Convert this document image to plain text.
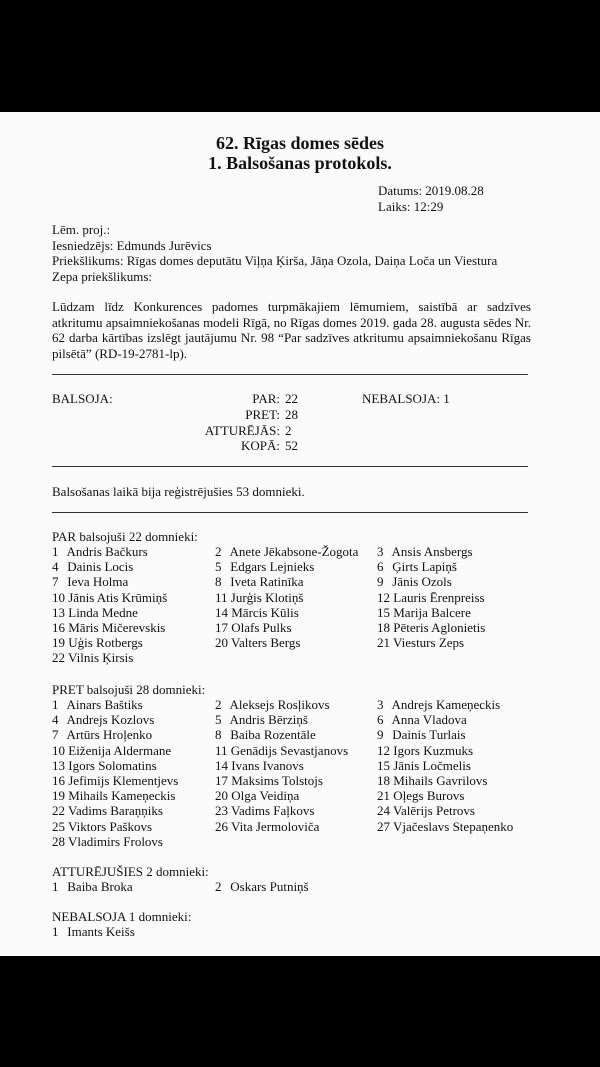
62. Rīgas domes sēdes
1. Balsošanas protokols.
Datums: 2019.08.28
Laiks: 12:29
Lēm. proj.:
Iesniedzējs: Edmunds Jurēvics
Priekšlikums: Rīgas domes deputātu Viļņa Ķirša, Jāņa Ozola, Daiņa Loča un Viestura
Zepa priekšlikums:
Lūdzam līdz Konkurences padomes turpmākajiem lēmumiem, saistībā ar sadzīves atkritumu apsaimniekošanas modeli Rīgā, no Rīgas domes 2019. gada 28. augusta sēdes Nr. 62 darba kārtības izslēgt jautājumu Nr. 98 “Par sadzīves atkritumu apsaimniekošanu Rīgas pilsētā” (RD-19-2781-lp).
BALSOJA:	PAR: 22
PRET: 28
ATTURĒJĀS: 2
KOPĀ: 52
NEBALSOJA: 1
Balsošanas laikā bija reģistrējušies 53 domnieki.
PAR balsojuši 22 domnieki:
1 Andris Bačkurs	2 Anete Jēkabsone-Žogota	3 Ansis Ansbergs
4 Dainis Locis	5 Edgars Lejnieks	6 Ģirts Lapiņš
7 Ieva Holma	8 Iveta Ratinīka	9 Jānis Ozols
10 Jānis Atis Krūmiņš	11 Jurģis Klotiņš	12 Lauris Ērenpreiss
13 Linda Medne	14 Mārcis Kūlis	15 Marija Balcere
16 Māris Mičerevskis	17 Olafs Pulks	18 Pēteris Aglonietis
19 Uģis Rotbergs	20 Valters Bergs	21 Viesturs Zeps
22 Vilnis Ķirsis
PRET balsojuši 28 domnieki:
1 Ainars Baštiks	2 Aleksejs Rosļikovs	3 Andrejs Kameņeckis
4 Andrejs Kozlovs	5 Andris Bērziņš	6 Anna Vladova
7 Artūrs Hroļenko	8 Baiba Rozentāle	9 Dainis Turlais
10 Eiženija Aldermane	11 Genādijs Sevastjanovs	12 Igors Kuzmuks
13 Igors Solomatins	14 Ivans Ivanovs	15 Jānis Ločmelis
16 Jefimijs Klementjevs	17 Maksims Tolstojs	18 Mihails Gavrilovs
19 Mihails Kameņeckis	20 Olga Veidiņa	21 Oļegs Burovs
22 Vadims Baraņņiks	23 Vadims Faļkovs	24 Valērijs Petrovs
25 Viktors Paškovs	26 Vita Jermoloviča	27 Vjačeslavs Stepaņenko
28 Vladimirs Frolovs
ATTURĒJUŠIES 2 domnieki:
1 Baiba Broka	2 Oskars Putniņš
NEBALSOJA 1 domnieki:
1 Imants Keišs
